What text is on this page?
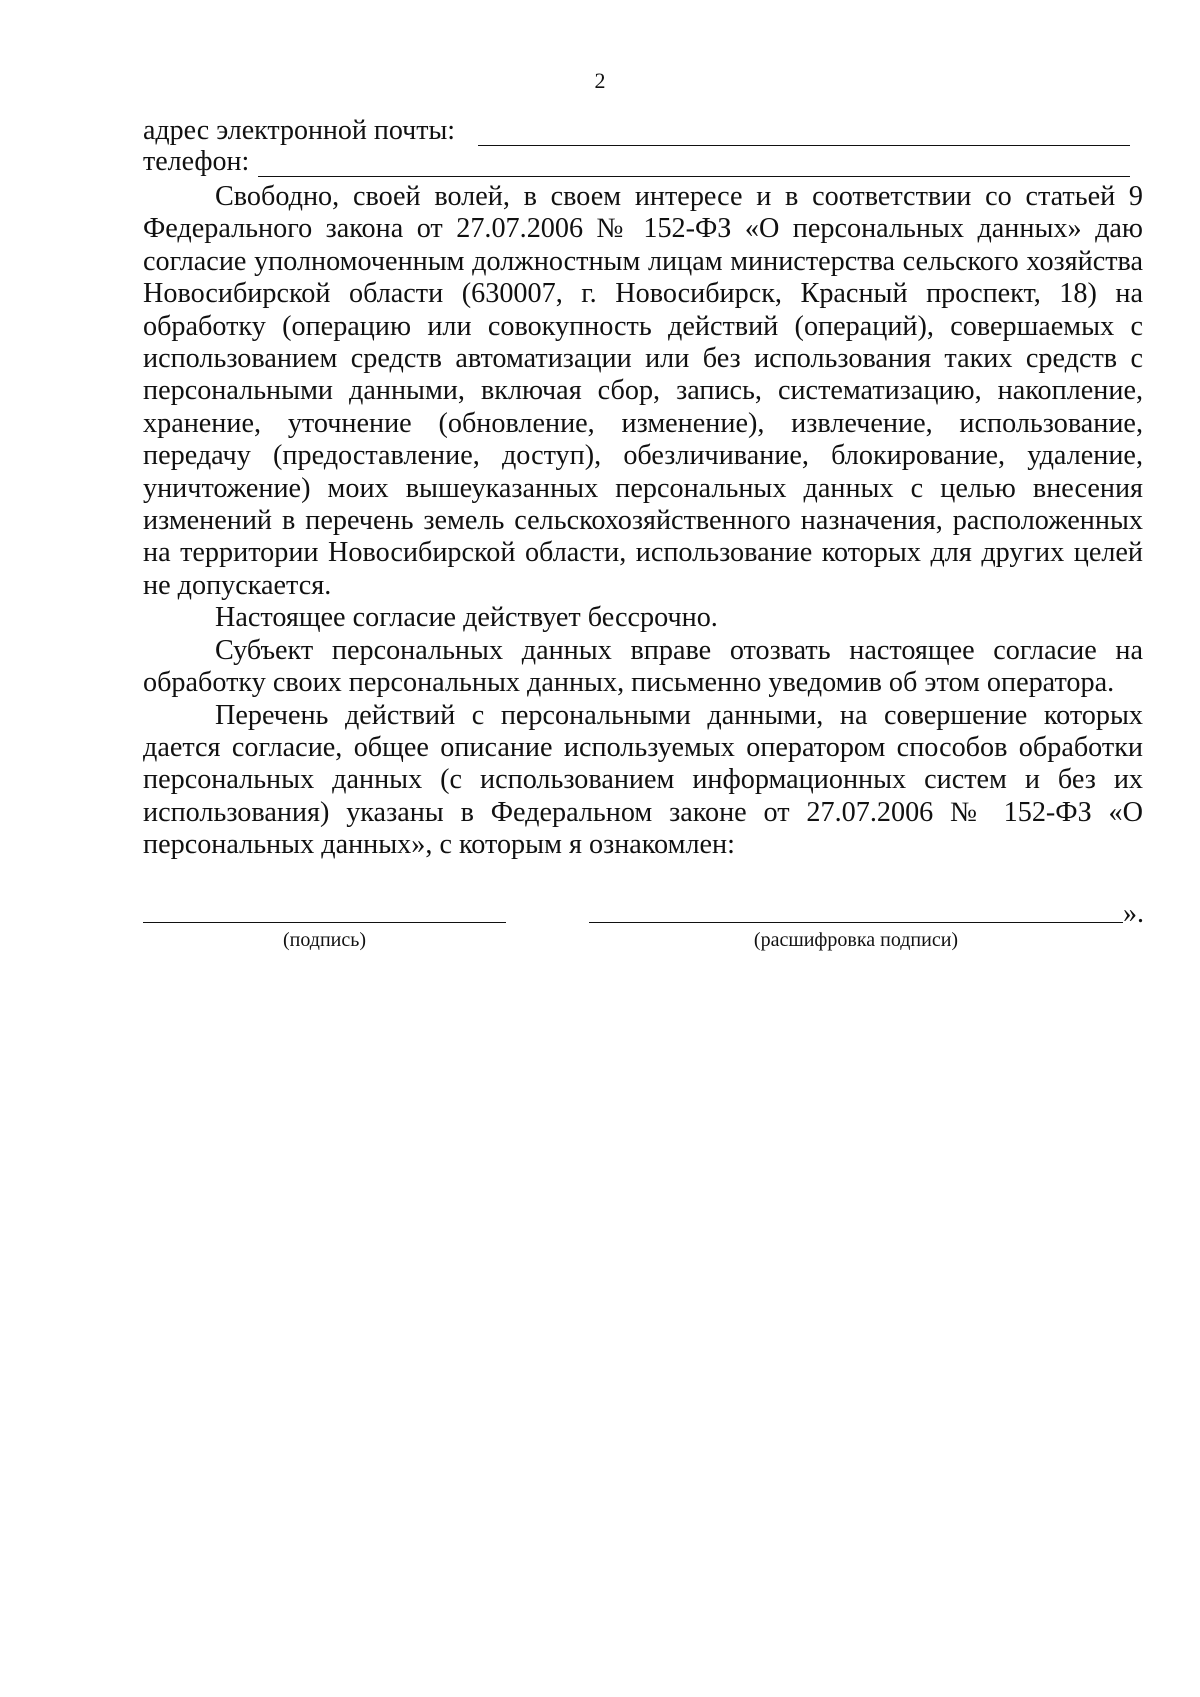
2
адрес электронной почты:
телефон:

Свободно, своей волей, в своем интересе и в соответствии со статьей 9 Федерального закона от 27.07.2006 № 152-ФЗ «О персональных данных» даю согласие уполномоченным должностным лицам министерства сельского хозяйства Новосибирской области (630007, г. Новосибирск, Красный проспект, 18) на обработку (операцию или совокупность действий (операций), совершаемых с использованием средств автоматизации или без использования таких средств с персональными данными, включая сбор, запись, систематизацию, накопление, хранение, уточнение (обновление, изменение), извлечение, использование, передачу (предоставление, доступ), обезличивание, блокирование, удаление, уничтожение) моих вышеуказанных персональных данных с целью внесения изменений в перечень земель сельскохозяйственного назначения, расположенных на территории Новосибирской области, использование которых для других целей не допускается.

Настоящее согласие действует бессрочно.

Субъект персональных данных вправе отозвать настоящее согласие на обработку своих персональных данных, письменно уведомив об этом оператора.

Перечень действий с персональными данными, на совершение которых дается согласие, общее описание используемых оператором способов обработки персональных данных (с использованием информационных систем и без их использования) указаны в Федеральном законе от 27.07.2006 № 152-ФЗ «О персональных данных», с которым я ознакомлен:

».
(подпись)	(расшифровка подписи)
